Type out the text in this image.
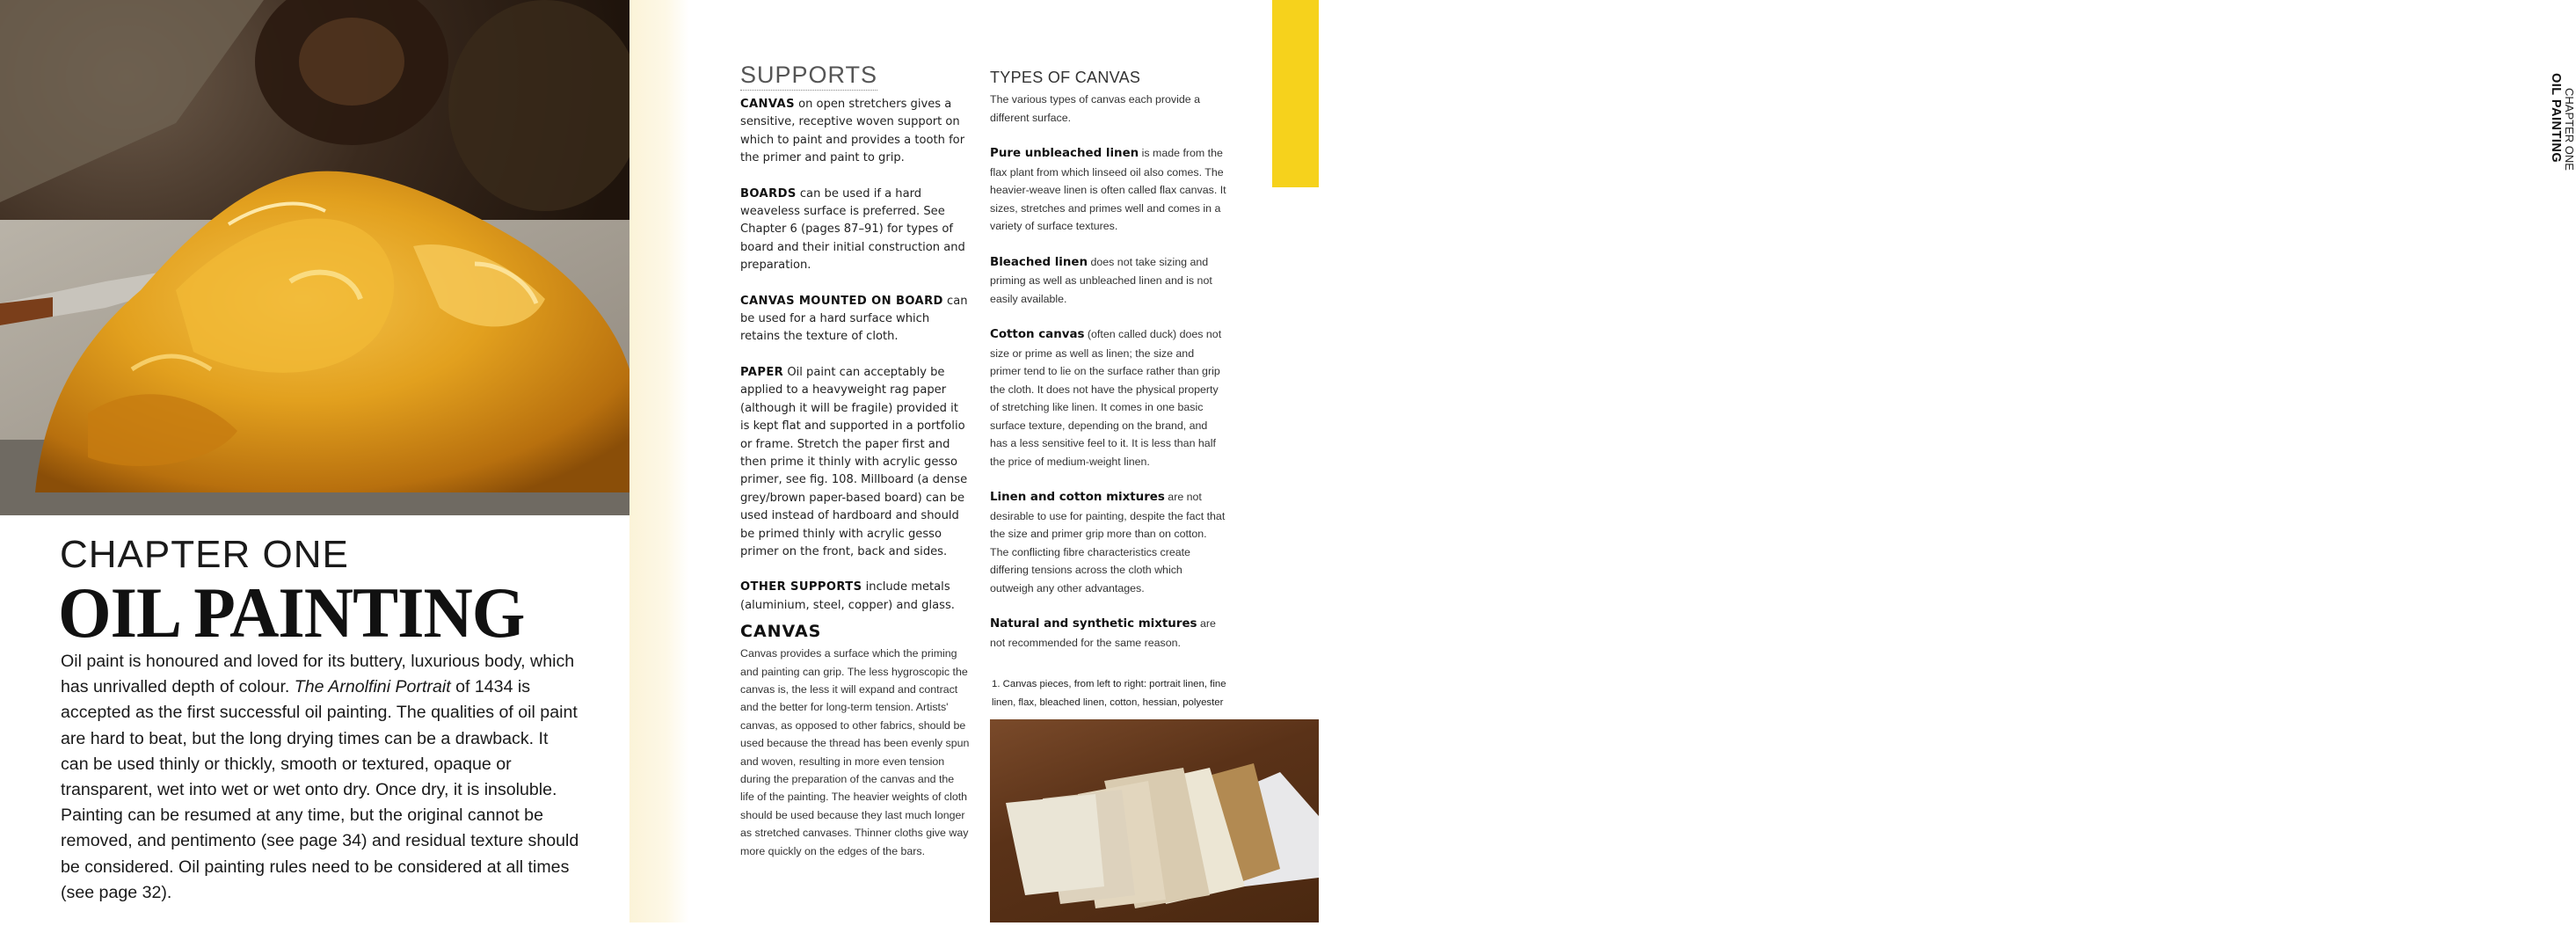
CHAPTER ONE
OIL PAINTING
Oil paint is honoured and loved for its buttery, luxurious body, which has unrivalled depth of colour. The Arnolfini Portrait of 1434 is accepted as the first successful oil painting. The qualities of oil paint are hard to beat, but the long drying times can be a drawback. It can be used thinly or thickly, smooth or textured, opaque or transparent, wet into wet or wet onto dry. Once dry, it is insoluble. Painting can be resumed at any time, but the original cannot be removed, and pentimento (see page 34) and residual texture should be considered. Oil painting rules need to be considered at all times (see page 32).
SUPPORTS

CANVAS on open stretchers gives a sensitive, receptive woven support on which to paint and provides a tooth for the primer and paint to grip.

BOARDS can be used if a hard weaveless surface is preferred. See Chapter 6 (pages 87–91) for types of board and their initial construction and preparation.

CANVAS MOUNTED ON BOARD can be used for a hard surface which retains the texture of cloth.

PAPER Oil paint can acceptably be applied to a heavyweight rag paper (although it will be fragile) provided it is kept flat and supported in a portfolio or frame. Stretch the paper first and then prime it thinly with acrylic gesso primer, see fig. 108. Millboard (a dense grey/brown paper-based board) can be used instead of hardboard and should be primed thinly with acrylic gesso primer on the front, back and sides.

OTHER SUPPORTS include metals (aluminium, steel, copper) and glass.

CANVAS
Canvas provides a surface which the priming and painting can grip. The less hygroscopic the canvas is, the less it will expand and contract and the better for long-term tension. Artists' canvas, as opposed to other fabrics, should be used because the thread has been evenly spun and woven, resulting in more even tension during the preparation of the canvas and the life of the painting. The heavier weights of cloth should be used because they last much longer as stretched canvases. Thinner cloths give way more quickly on the edges of the bars.
TYPES OF CANVAS

The various types of canvas each provide a different surface.

Pure unbleached linen is made from the flax plant from which linseed oil also comes. The heavier-weave linen is often called flax canvas. It sizes, stretches and primes well and comes in a variety of surface textures.

Bleached linen does not take sizing and priming as well as unbleached linen and is not easily available.

Cotton canvas (often called duck) does not size or prime as well as linen; the size and primer tend to lie on the surface rather than grip the cloth. It does not have the physical property of stretching like linen. It comes in one basic surface texture, depending on the brand, and has a less sensitive feel to it. It is less than half the price of medium-weight linen.

Linen and cotton mixtures are not desirable to use for painting, despite the fact that the size and primer grip more than on cotton. The conflicting fibre characteristics create differing tensions across the cloth which outweigh any other advantages.

Natural and synthetic mixtures are not recommended for the same reason.

1. Canvas pieces, from left to right: portrait linen, fine linen, flax, bleached linen, cotton, hessian, polyester
CHAPTER ONE
OIL PAINTING
